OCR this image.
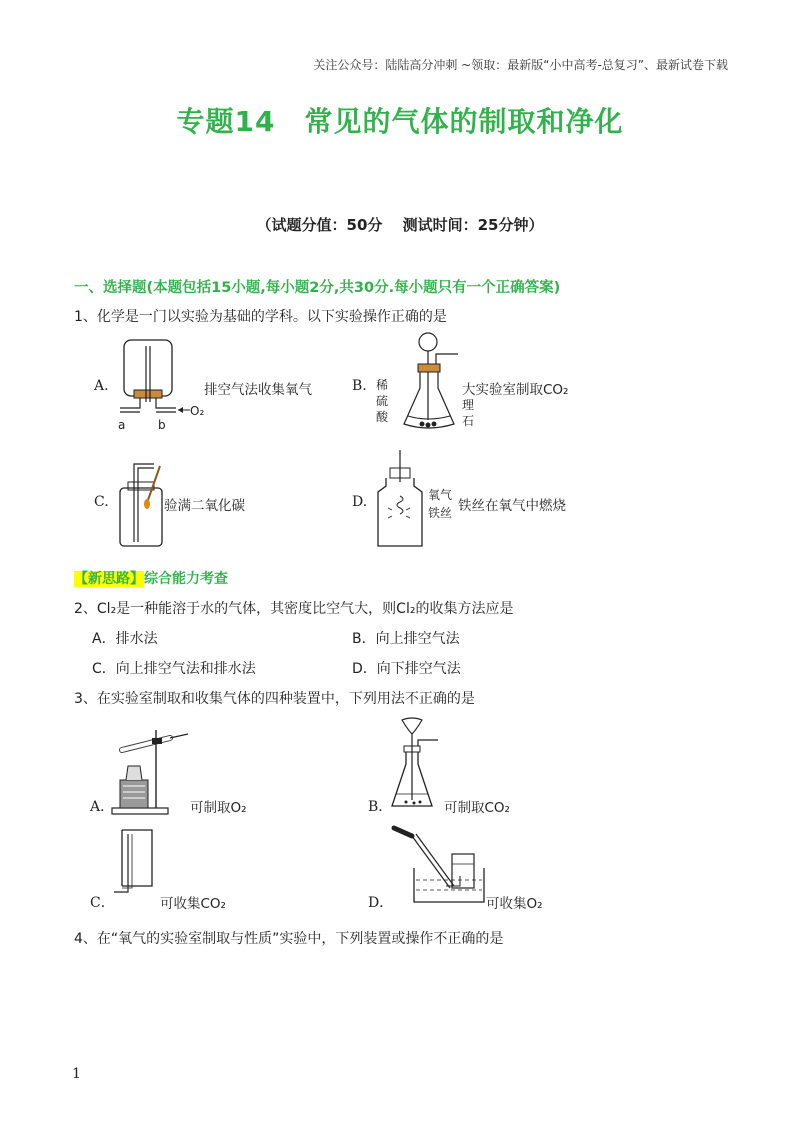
关注公众号：陆陆高分冲刺 ~领取：最新版“小中高考-总复习”、最新试卷下载
专题14　常见的气体的制取和净化
（试题分值：50分　 测试时间：25分钟）
一、选择题(本题包括15小题,每小题2分,共30分.每小题只有一个正确答案)
1、化学是一门以实验为基础的学科。以下实验操作正确的是
A.
a	b
O₂
排空气法收集氧气	B. 稀
硫
酸
大实验室制取CO₂
理
石
C.	验满二氧化碳	D.	氧气
铁丝 铁丝在氧气中燃烧
【新思路】综合能力考查
2、Cl₂是一种能溶于水的气体，其密度比空气大，则Cl₂的收集方法应是
A．排水法	B．向上排空气法
C．向上排空气法和排水法	D．向下排空气法
3、在实验室制取和收集气体的四种装置中，下列用法不正确的是
A．	可制取O₂	B．	可制取CO₂
C．	可收集CO₂	D．	可收集O₂
4、在“氧气的实验室制取与性质”实验中，下列装置或操作不正确的是
1
